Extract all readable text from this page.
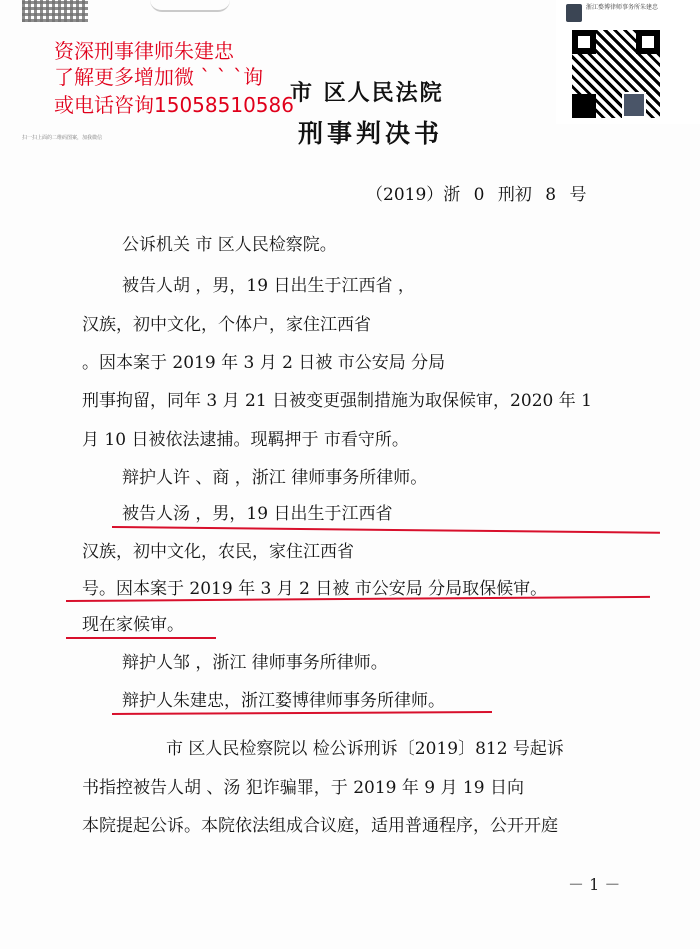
资深刑事律师朱建忠
了解更多增加微 ` ` `询
或电话咨询15058510586
浙江婺博律师事务所朱建忠
扫一扫上面的二维码图案，加我微信
市 区人民法院
刑事判决书
（2019）浙 0 刑初 8 号
公诉机关 市 区人民检察院。
被告人胡 ，男，19 日出生于江西省 ，
汉族，初中文化，个体户，家住江西省
。因本案于 2019 年 3 月 2 日被 市公安局 分局
刑事拘留，同年 3 月 21 日被变更强制措施为取保候审，2020 年 1
月 10 日被依法逮捕。现羁押于 市看守所。
辩护人许 、商 ，浙江 律师事务所律师。
被告人汤 ，男，19 日出生于江西省
汉族，初中文化，农民，家住江西省
号。因本案于 2019 年 3 月 2 日被 市公安局 分局取保候审。
现在家候审。
辩护人邹 ，浙江 律师事务所律师。
辩护人朱建忠，浙江婺博律师事务所律师。
市 区人民检察院以 检公诉刑诉〔2019〕812 号起诉
书指控被告人胡 、汤 犯诈骗罪，于 2019 年 9 月 19 日向
本院提起公诉。本院依法组成合议庭，适用普通程序，公开开庭
－ 1 －
